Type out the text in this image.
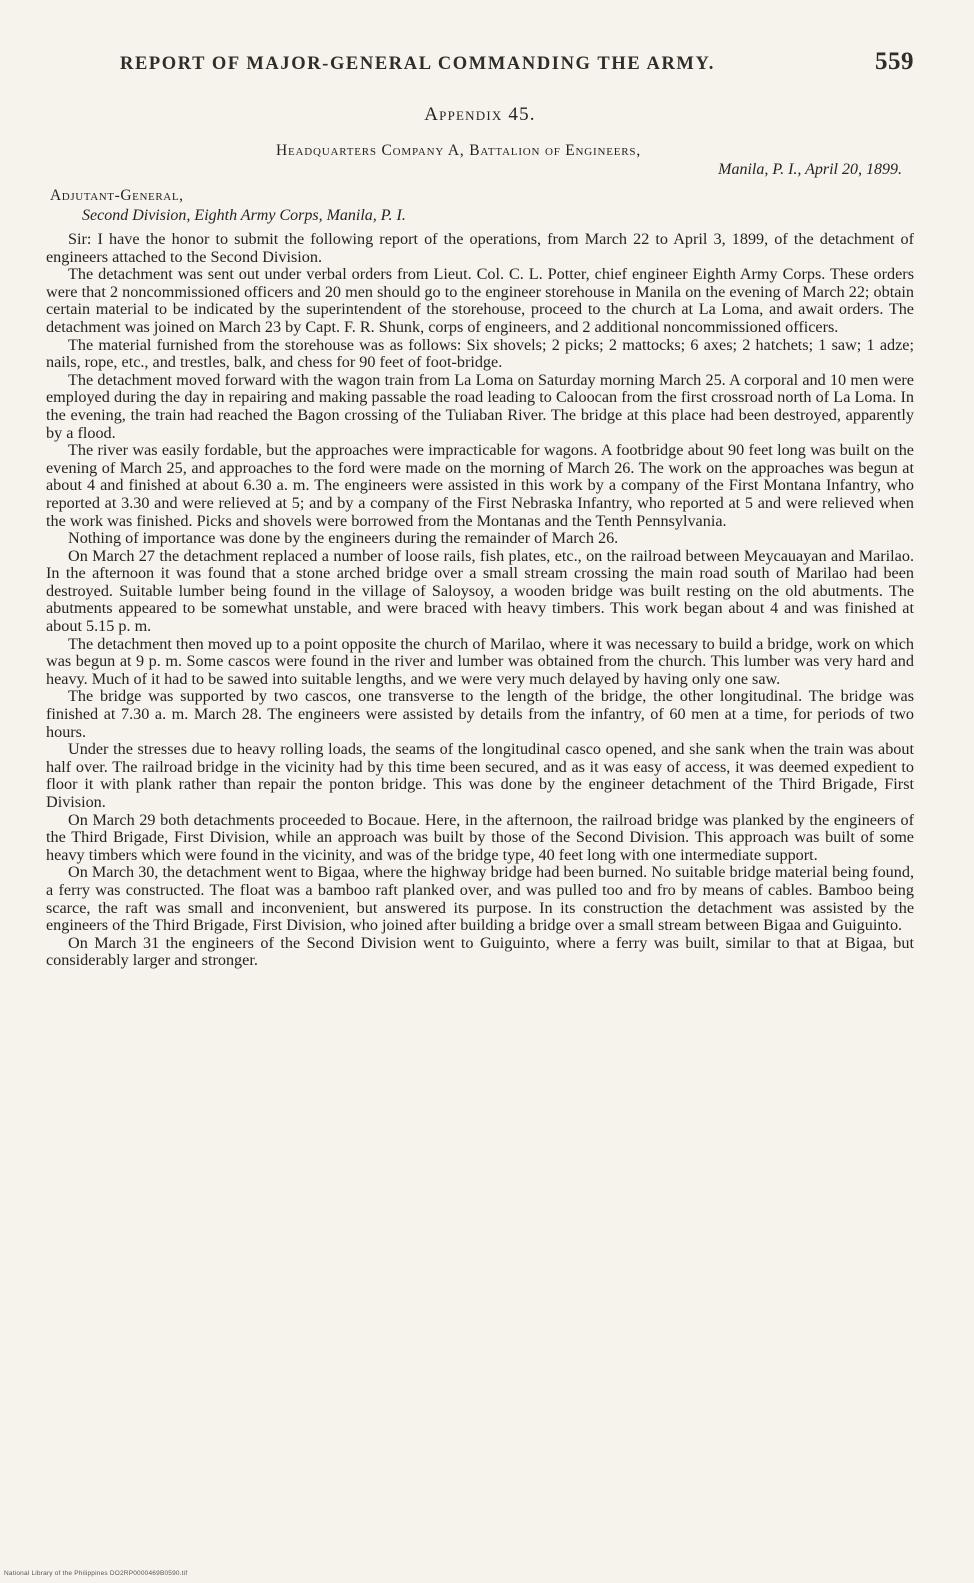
REPORT OF MAJOR-GENERAL COMMANDING THE ARMY.	559
Appendix 45.
Headquarters Company A, Battalion of Engineers,
Manila, P. I., April 20, 1899.
Adjutant-General,
Second Division, Eighth Army Corps, Manila, P. I.

Sir: I have the honor to submit the following report of the operations, from March 22 to April 3, 1899, of the detachment of engineers attached to the Second Division.

The detachment was sent out under verbal orders from Lieut. Col. C. L. Potter, chief engineer Eighth Army Corps. These orders were that 2 noncommissioned officers and 20 men should go to the engineer storehouse in Manila on the evening of March 22; obtain certain material to be indicated by the superintendent of the storehouse, proceed to the church at La Loma, and await orders. The detachment was joined on March 23 by Capt. F. R. Shunk, corps of engineers, and 2 additional noncommissioned officers.

The material furnished from the storehouse was as follows: Six shovels; 2 picks; 2 mattocks; 6 axes; 2 hatchets; 1 saw; 1 adze; nails, rope, etc., and trestles, balk, and chess for 90 feet of foot-bridge.

The detachment moved forward with the wagon train from La Loma on Saturday morning March 25. A corporal and 10 men were employed during the day in repairing and making passable the road leading to Caloocan from the first crossroad north of La Loma. In the evening, the train had reached the Bagon crossing of the Tuliaban River. The bridge at this place had been destroyed, apparently by a flood.

The river was easily fordable, but the approaches were impracticable for wagons. A footbridge about 90 feet long was built on the evening of March 25, and approaches to the ford were made on the morning of March 26. The work on the approaches was begun at about 4 and finished at about 6.30 a. m. The engineers were assisted in this work by a company of the First Montana Infantry, who reported at 3.30 and were relieved at 5; and by a company of the First Nebraska Infantry, who reported at 5 and were relieved when the work was finished. Picks and shovels were borrowed from the Montanas and the Tenth Pennsylvania.

Nothing of importance was done by the engineers during the remainder of March 26.

On March 27 the detachment replaced a number of loose rails, fish plates, etc., on the railroad between Meycauayan and Marilao. In the afternoon it was found that a stone arched bridge over a small stream crossing the main road south of Marilao had been destroyed. Suitable lumber being found in the village of Saloysoy, a wooden bridge was built resting on the old abutments. The abutments appeared to be somewhat unstable, and were braced with heavy timbers. This work began about 4 and was finished at about 5.15 p. m.

The detachment then moved up to a point opposite the church of Marilao, where it was necessary to build a bridge, work on which was begun at 9 p. m. Some cascos were found in the river and lumber was obtained from the church. This lumber was very hard and heavy. Much of it had to be sawed into suitable lengths, and we were very much delayed by having only one saw.

The bridge was supported by two cascos, one transverse to the length of the bridge, the other longitudinal. The bridge was finished at 7.30 a. m. March 28. The engineers were assisted by details from the infantry, of 60 men at a time, for periods of two hours.

Under the stresses due to heavy rolling loads, the seams of the longitudinal casco opened, and she sank when the train was about half over. The railroad bridge in the vicinity had by this time been secured, and as it was easy of access, it was deemed expedient to floor it with plank rather than repair the ponton bridge. This was done by the engineer detachment of the Third Brigade, First Division.

On March 29 both detachments proceeded to Bocaue. Here, in the afternoon, the railroad bridge was planked by the engineers of the Third Brigade, First Division, while an approach was built by those of the Second Division. This approach was built of some heavy timbers which were found in the vicinity, and was of the bridge type, 40 feet long with one intermediate support.

On March 30, the detachment went to Bigaa, where the highway bridge had been burned. No suitable bridge material being found, a ferry was constructed. The float was a bamboo raft planked over, and was pulled too and fro by means of cables. Bamboo being scarce, the raft was small and inconvenient, but answered its purpose. In its construction the detachment was assisted by the engineers of the Third Brigade, First Division, who joined after building a bridge over a small stream between Bigaa and Guiguinto.

On March 31 the engineers of the Second Division went to Guiguinto, where a ferry was built, similar to that at Bigaa, but considerably larger and stronger.

National Library of the Philippines DO2RP0000469B0590.tif
